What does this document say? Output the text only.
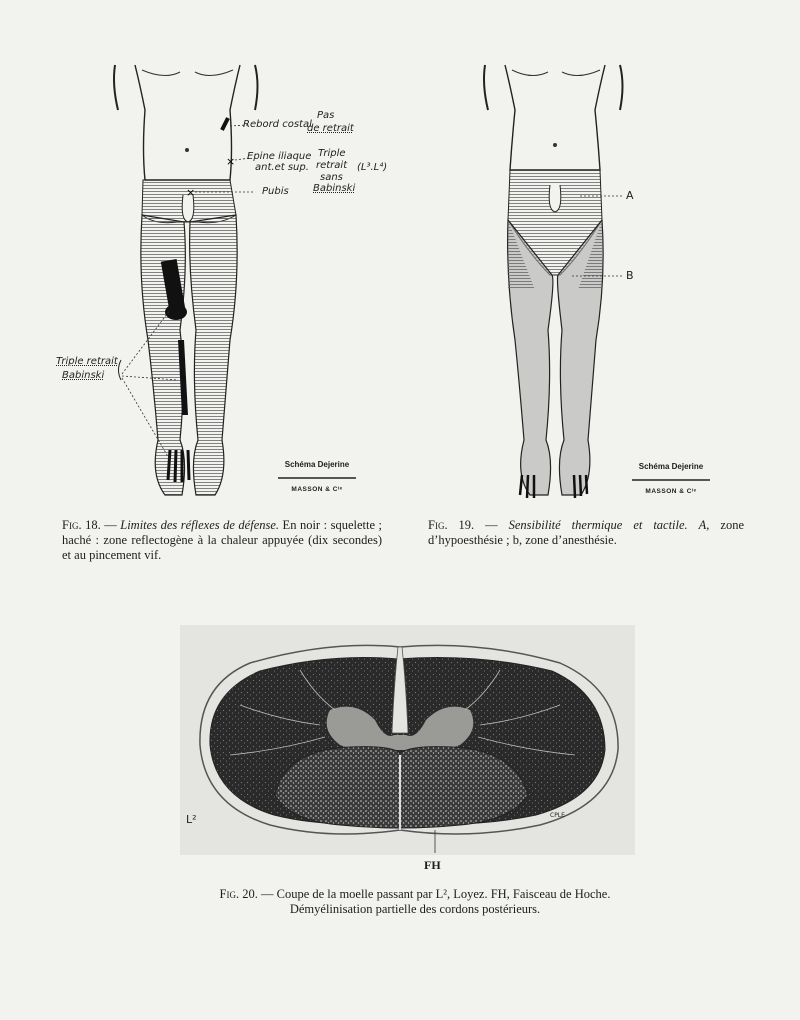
×
×
Pas
de retrait
Rebord costal
Epine iliaque
ant.et sup.
Triple
retrait
sans
Babinski
(L³.L⁴)
Pubis
Triple retrait
Babinski
Schéma Dejerine
MASSON & Cᴵᵉ
Fig. 18. — Limites des réflexes de défense. En noir : squelette ; haché : zone reflectogène à la chaleur appuyée (dix secondes) et au pincement vif.
A
B
Schéma Dejerine
MASSON & Cᴵᵉ
Fig. 19. — Sensibilité thermique et tactile. A, zone d’hypoesthésie ; b, zone d’anesthésie.
L²	CPLE
FH
Fig. 20. — Coupe de la moelle passant par L², Loyez. FH, Faisceau de Hoche.
Démyélinisation partielle des cordons postérieurs.
